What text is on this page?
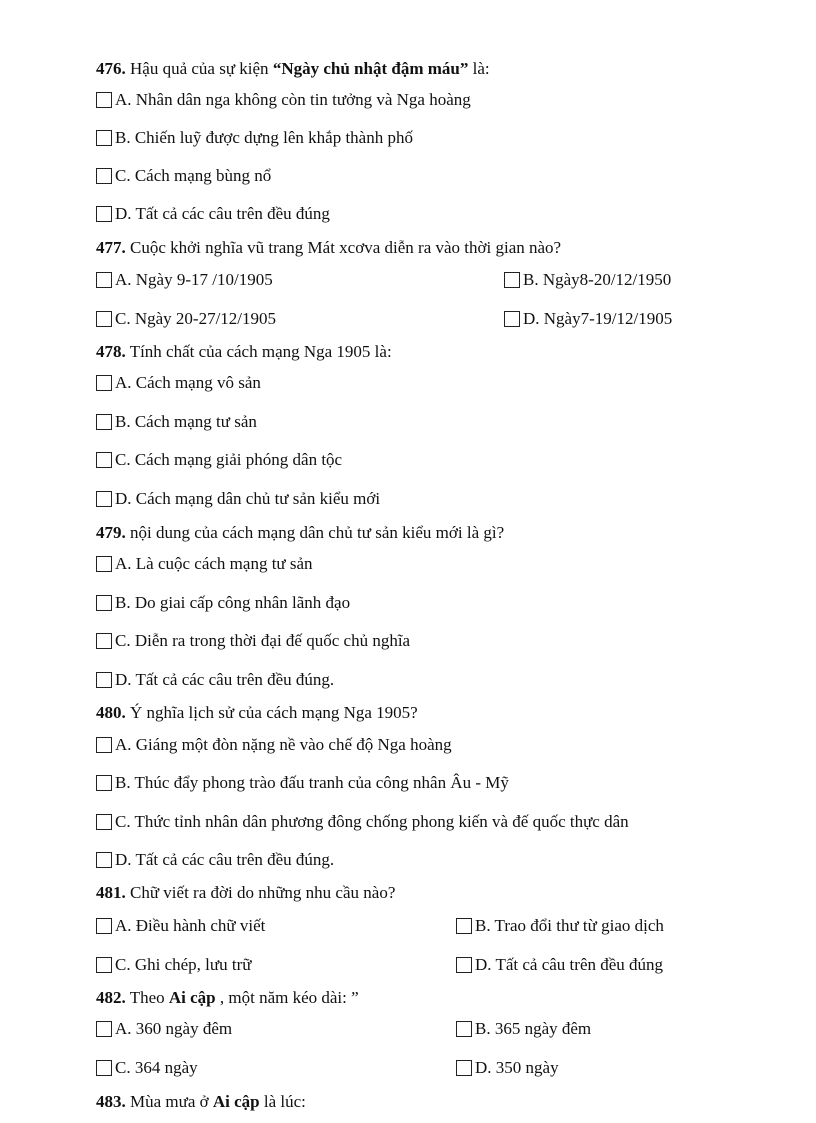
476. Hậu quả của sự kiện “Ngày chủ nhật đậm máu” là:
A. Nhân dân nga không còn tin tưởng và Nga hoàng
B. Chiến luỹ được dựng lên khắp thành phố
C. Cách mạng bùng nổ
D. Tất cả các câu trên đều đúng
477. Cuộc khởi nghĩa vũ trang Mát xcơva diễn ra vào thời gian nào?
A. Ngày 9-17 /10/1905	B. Ngày8-20/12/1950
C. Ngày 20-27/12/1905	D. Ngày7-19/12/1905
478. Tính chất của cách mạng Nga 1905 là:
A. Cách mạng vô sản
B. Cách mạng tư sản
C. Cách mạng giải phóng dân tộc
D. Cách mạng dân chủ tư sản kiểu mới
479. nội dung của cách mạng dân chủ tư sản kiểu mới là gì?
A. Là cuộc cách mạng tư sản
B. Do giai cấp công nhân lãnh đạo
C. Diễn ra trong thời đại đế quốc chủ nghĩa
D. Tất cả các câu trên đều đúng.
480. Ý nghĩa lịch sử của cách mạng Nga 1905?
A. Giáng một đòn nặng nề vào chế độ Nga hoàng
B. Thúc đẩy phong trào đấu tranh của công nhân Âu - Mỹ
C. Thức tỉnh nhân dân phương đông chống phong kiến và đế quốc thực dân
D. Tất cả các câu trên đều đúng.
481. Chữ viết ra đời do những nhu cầu nào?
A. Điều hành chữ viết	B. Trao đổi thư từ giao dịch
C. Ghi chép, lưu trữ	D. Tất cả câu trên đều đúng
482. Theo Ai cập , một năm kéo dài: ”
A. 360 ngày đêm	B. 365 ngày đêm
C. 364 ngày	D. 350 ngày
483. Mùa mưa ở Ai cập là lúc:
